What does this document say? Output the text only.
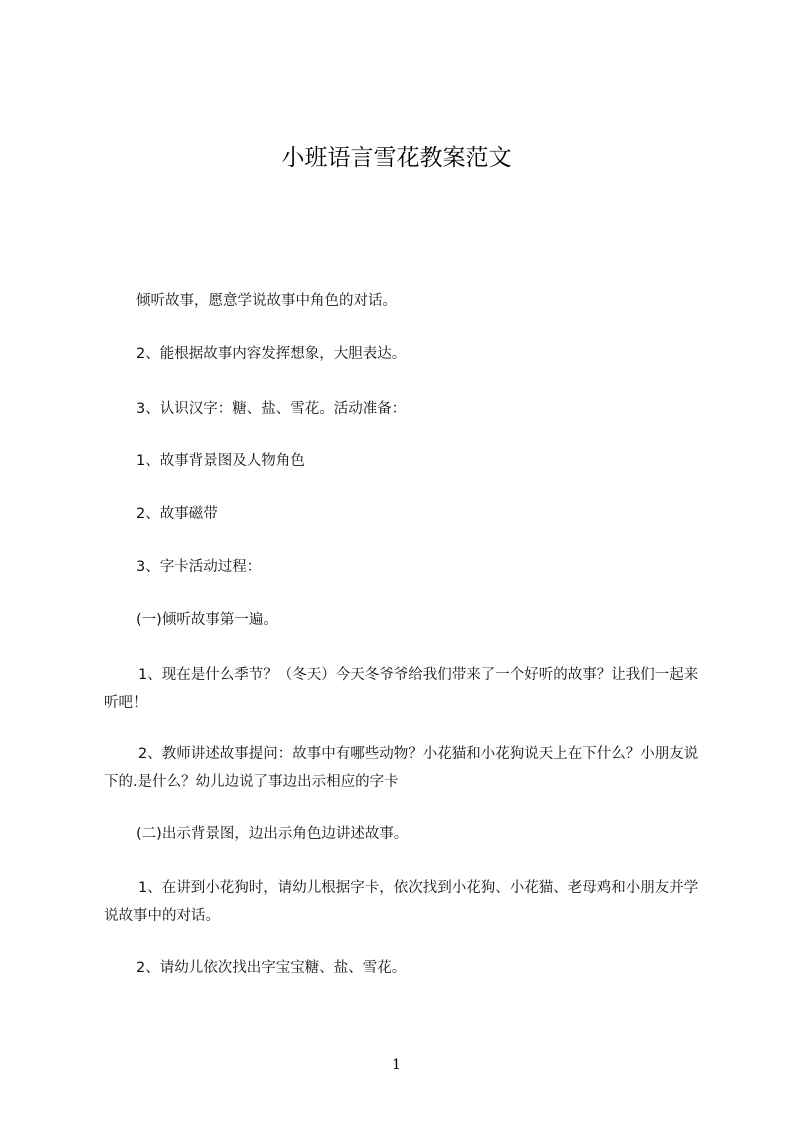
小班语言雪花教案范文

倾听故事，愿意学说故事中角色的对话。

2、能根据故事内容发挥想象，大胆表达。

3、认识汉字：糖、盐、雪花。活动准备：

1、故事背景图及人物角色

2、故事磁带

3、字卡活动过程：

(一)倾听故事第一遍。

1、现在是什么季节？（冬天）今天冬爷爷给我们带来了一个好听的故事？让我们一起来听吧！

2、教师讲述故事提问：故事中有哪些动物？小花猫和小花狗说天上在下什么？小朋友说下的.是什么？幼儿边说了事边出示相应的字卡

(二)出示背景图，边出示角色边讲述故事。

1、在讲到小花狗时，请幼儿根据字卡，依次找到小花狗、小花猫、老母鸡和小朋友并学说故事中的对话。

2、请幼儿依次找出字宝宝糖、盐、雪花。

1
